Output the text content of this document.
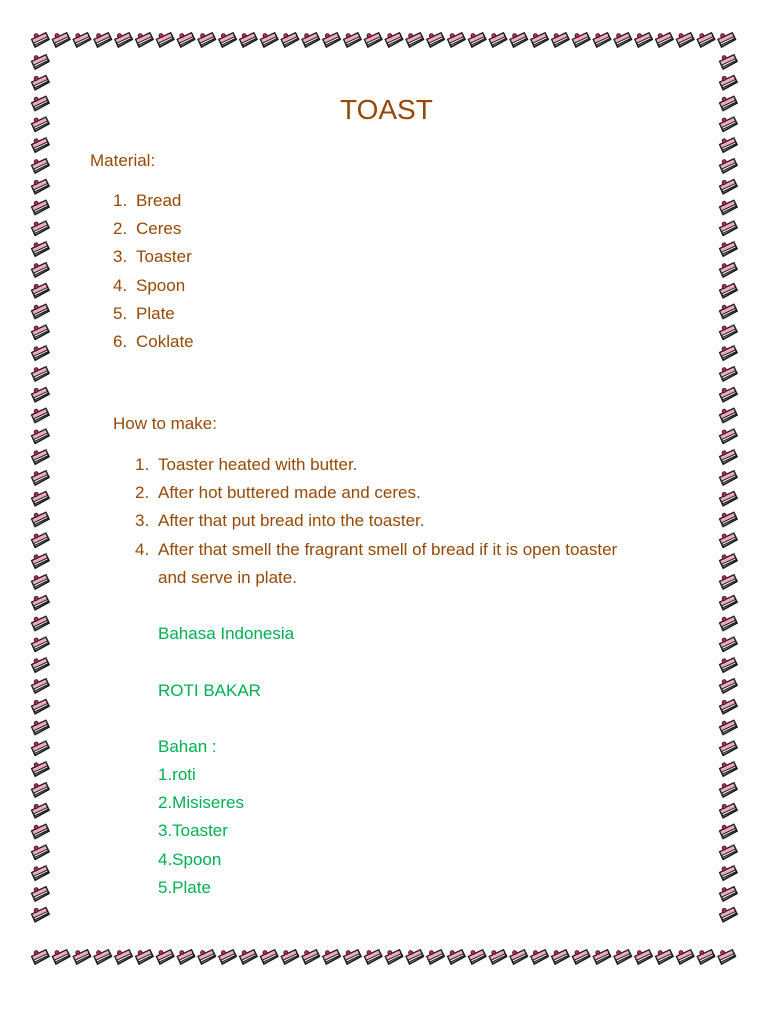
TOAST
Material:
1. Bread
2. Ceres
3. Toaster
4. Spoon
5. Plate
6. Coklate
How to make:
1. Toaster heated with butter.
2. After hot buttered made and ceres.
3. After that put bread into the toaster.
4. After that smell the fragrant smell of bread if it is open toaster
and serve in plate.
Bahasa Indonesia
ROTI BAKAR
Bahan :
1.roti
2.Misiseres
3.Toaster
4.Spoon
5.Plate
